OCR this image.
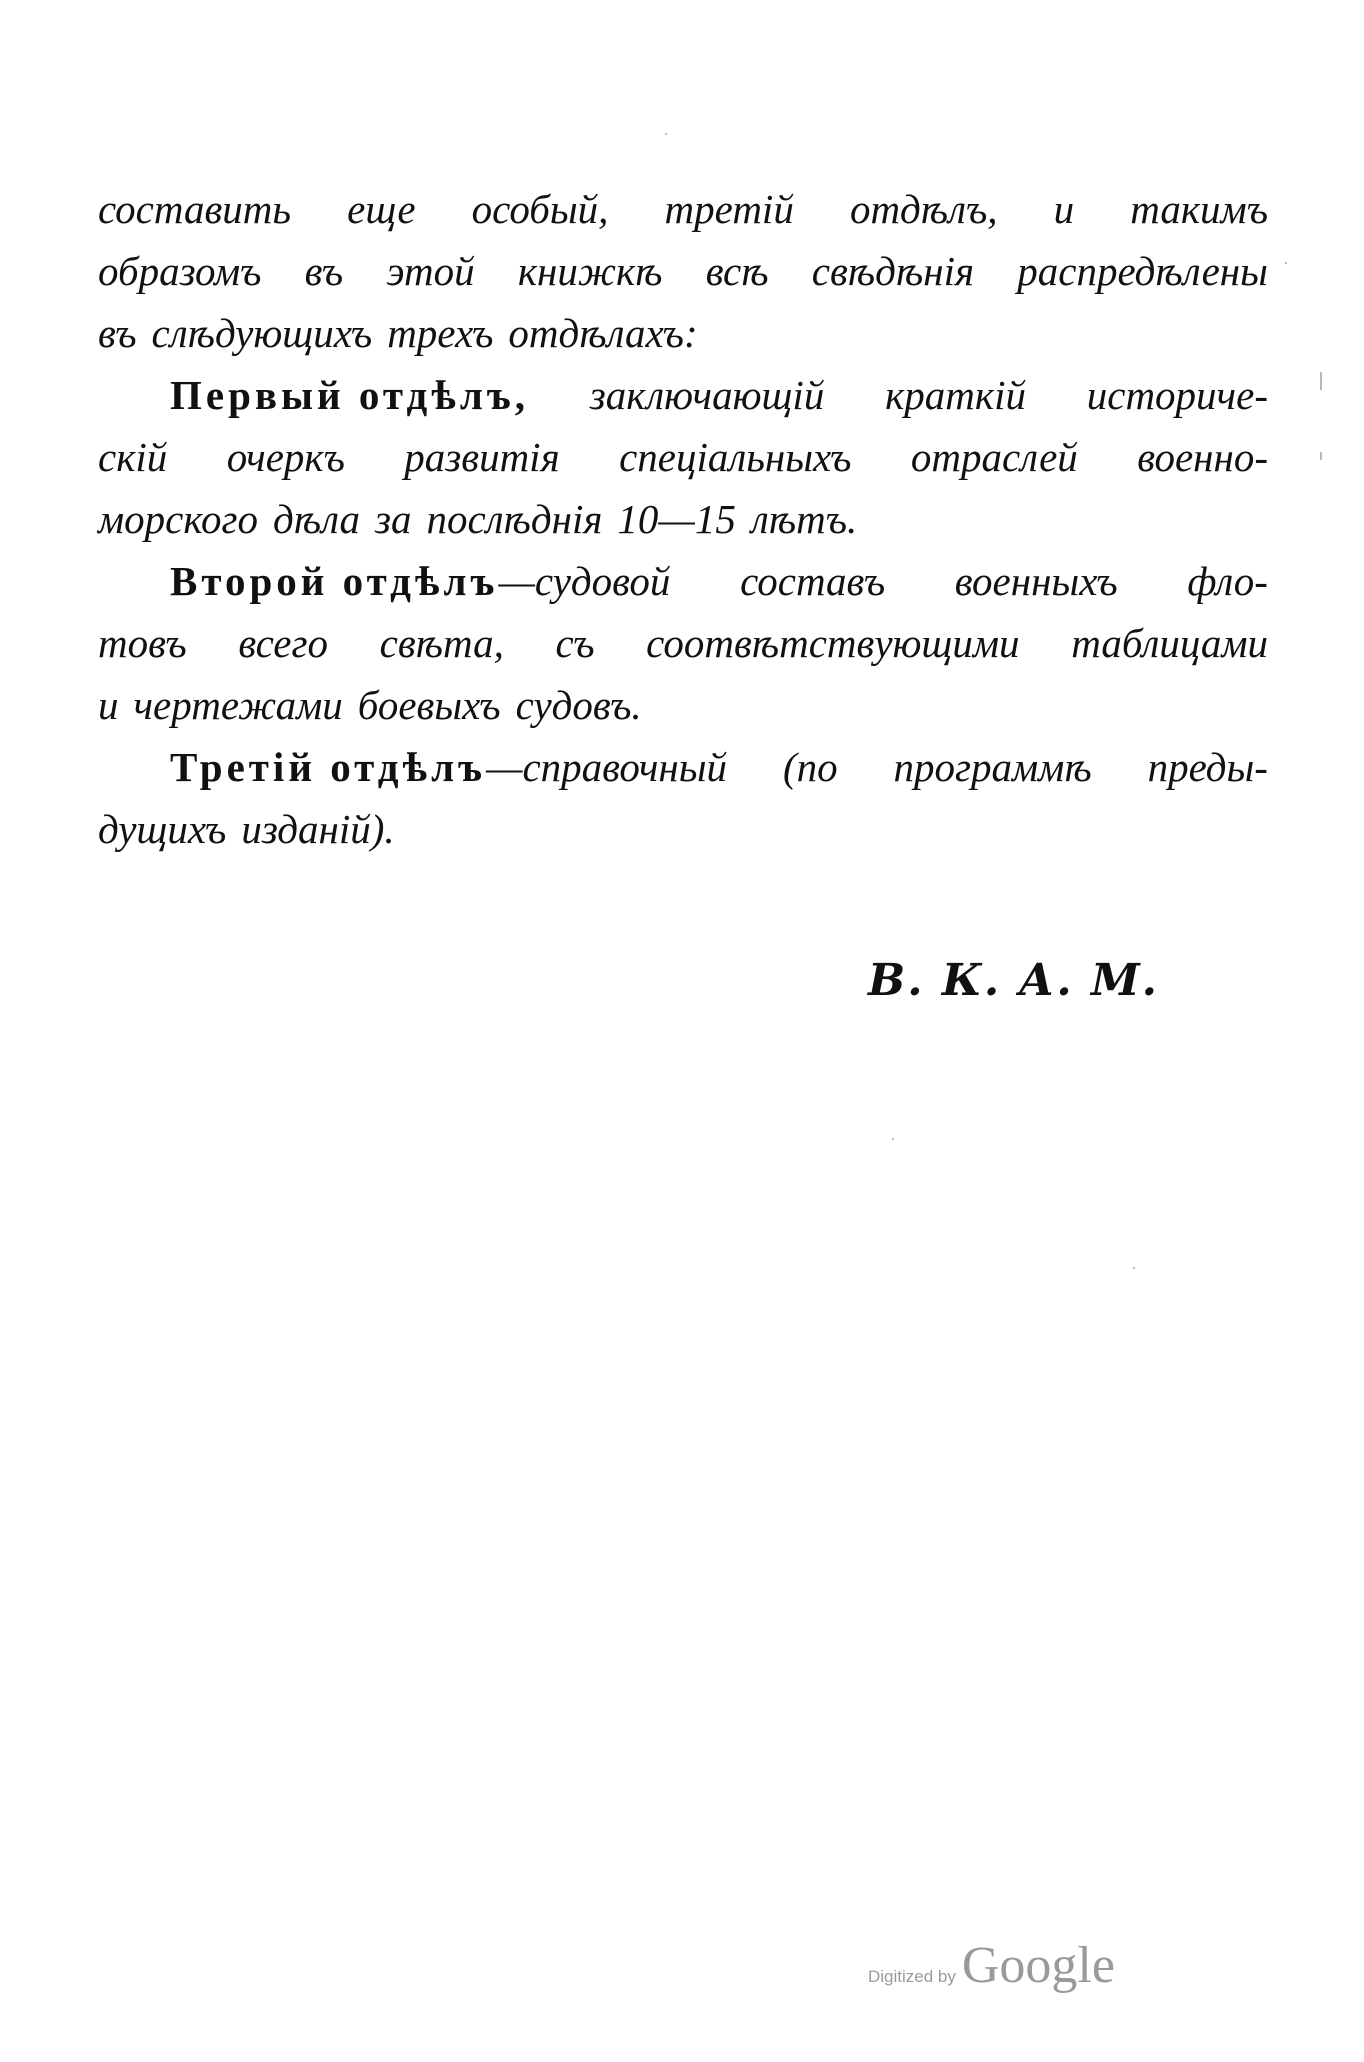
составить еще особый, третій отдѣлъ, и такимъ
образомъ въ этой книжкѣ всѣ свѣдѣнія распредѣлены
въ слѣдующихъ трехъ отдѣлахъ:
Первый отдѣлъ, заключающій краткій историче-
скій очеркъ развитія спеціальныхъ отраслей военно-
морского дѣла за послѣднія 10—15 лѣтъ.
Второй отдѣлъ—судовой составъ военныхъ фло-
товъ всего свѣта, съ соотвѣтствующими таблицами
и чертежами боевыхъ судовъ.
Третій отдѣлъ—справочный (по программѣ преды-
дущихъ изданій).
В. К. А. М.
Digitized by Google
